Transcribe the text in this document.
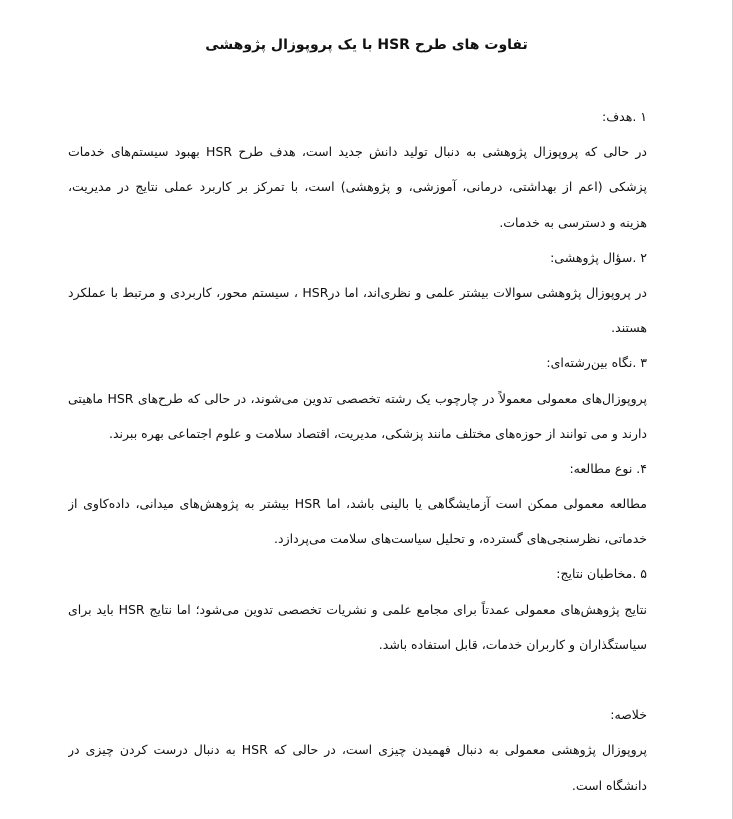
تفاوت های طرح HSR با یک پروپوزال پژوهشی
۱ .هدف:
در حالی که پروپوزال پژوهشی به دنبال تولید دانش جدید است، هدف طرح HSR بهبود سیستم‌های خدمات
پزشکی (اعم از بهداشتی، درمانی، آموزشی، و پژوهشی) است، با تمرکز بر کاربرد عملی نتایج در مدیریت،
هزینه و دسترسی به خدمات.
۲ .سؤال پژوهشی:
در پروپوزال پژوهشی سوالات بیشتر علمی و نظری‌اند، اما درHSR ، سیستم محور، کاربردی و مرتبط با عملکرد
هستند.
۳ .نگاه بین‌رشته‌ای:
پروپوزال‌های معمولی معمولاً در چارچوب یک رشته تخصصی تدوین می‌شوند، در حالی که طرح‌های HSR ماهیتی
دارند و می توانند از حوزه‌های مختلف مانند پزشکی، مدیریت، اقتصاد سلامت و علوم اجتماعی بهره ببرند.
۴. نوع مطالعه:
مطالعه معمولی ممکن است آزمایشگاهی یا بالینی باشد، اما HSR بیشتر به پژوهش‌های میدانی، داده‌کاوی از
خدماتی، نظرسنجی‌های گسترده، و تحلیل سیاست‌های سلامت می‌پردازد.
۵ .مخاطبان نتایج:
نتایج پژوهش‌های معمولی عمدتاً برای مجامع علمی و نشریات تخصصی تدوین می‌شود؛ اما نتایج HSR باید برای
سیاستگذاران و کاربران خدمات، قابل استفاده باشد.
خلاصه:
پروپوزال پژوهشی معمولی به دنبال فهمیدن چیزی است، در حالی که HSR به دنبال درست کردن چیزی در
دانشگاه است.
